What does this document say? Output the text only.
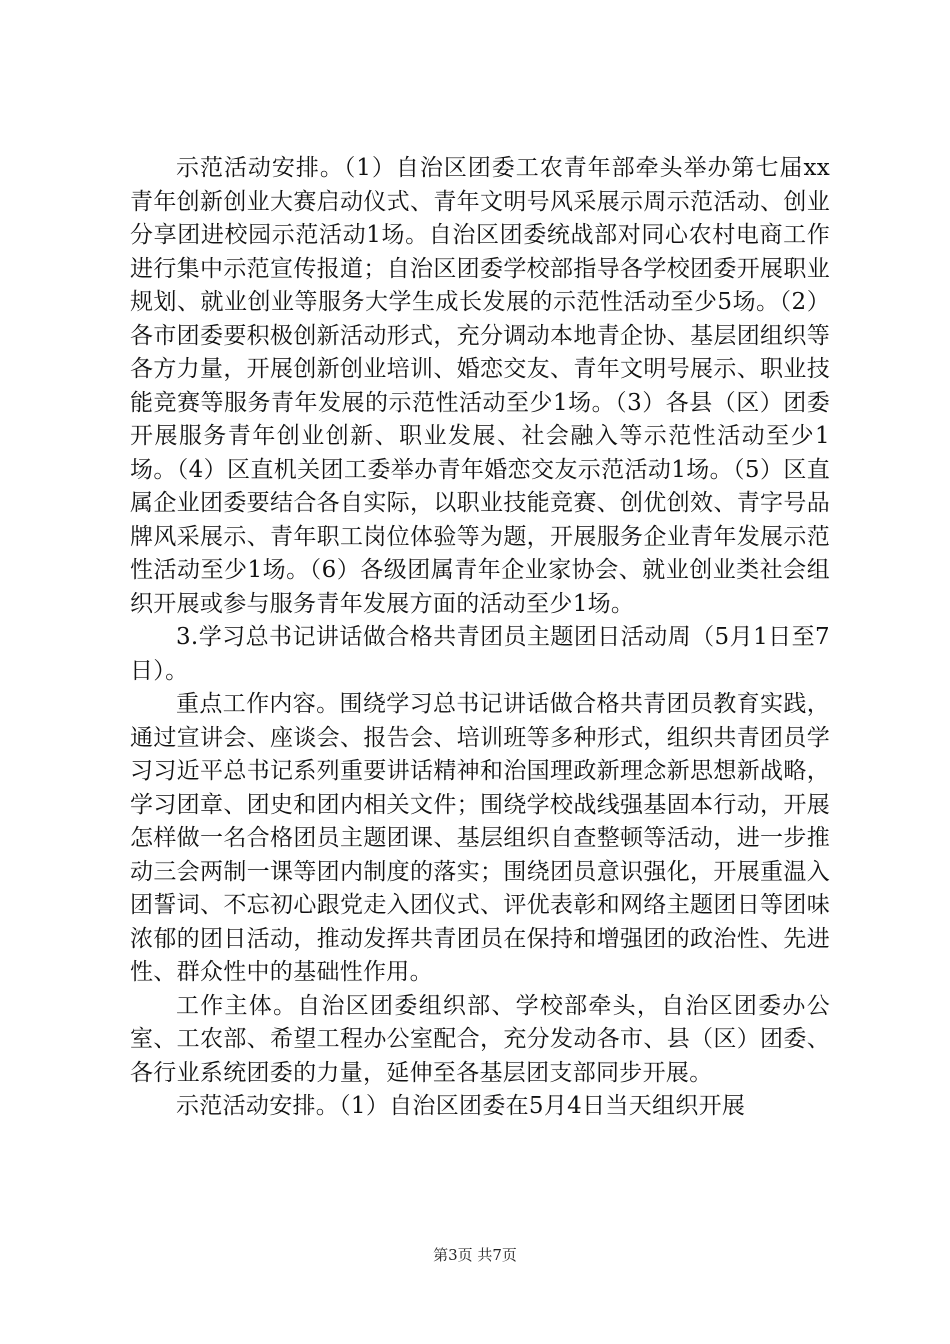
示范活动安排。（1）自治区团委工农青年部牵头举办第七届xx青年创新创业大赛启动仪式、青年文明号风采展示周示范活动、创业分享团进校园示范活动1场。自治区团委统战部对同心农村电商工作进行集中示范宣传报道；自治区团委学校部指导各学校团委开展职业规划、就业创业等服务大学生成长发展的示范性活动至少5场。（2）各市团委要积极创新活动形式，充分调动本地青企协、基层团组织等各方力量，开展创新创业培训、婚恋交友、青年文明号展示、职业技能竞赛等服务青年发展的示范性活动至少1场。（3）各县（区）团委开展服务青年创业创新、职业发展、社会融入等示范性活动至少1场。（4）区直机关团工委举办青年婚恋交友示范活动1场。（5）区直属企业团委要结合各自实际，以职业技能竞赛、创优创效、青字号品牌风采展示、青年职工岗位体验等为题，开展服务企业青年发展示范性活动至少1场。（6）各级团属青年企业家协会、就业创业类社会组织开展或参与服务青年发展方面的活动至少1场。

3.学习总书记讲话做合格共青团员主题团日活动周（5月1日至7日）。

重点工作内容。围绕学习总书记讲话做合格共青团员教育实践，通过宣讲会、座谈会、报告会、培训班等多种形式，组织共青团员学习习近平总书记系列重要讲话精神和治国理政新理念新思想新战略，学习团章、团史和团内相关文件；围绕学校战线强基固本行动，开展怎样做一名合格团员主题团课、基层组织自查整顿等活动，进一步推动三会两制一课等团内制度的落实；围绕团员意识强化，开展重温入团誓词、不忘初心跟党走入团仪式、评优表彰和网络主题团日等团味浓郁的团日活动，推动发挥共青团员在保持和增强团的政治性、先进性、群众性中的基础性作用。

工作主体。自治区团委组织部、学校部牵头，自治区团委办公室、工农部、希望工程办公室配合，充分发动各市、县（区）团委、各行业系统团委的力量，延伸至各基层团支部同步开展。

示范活动安排。（1）自治区团委在5月4日当天组织开展

第3页 共7页
